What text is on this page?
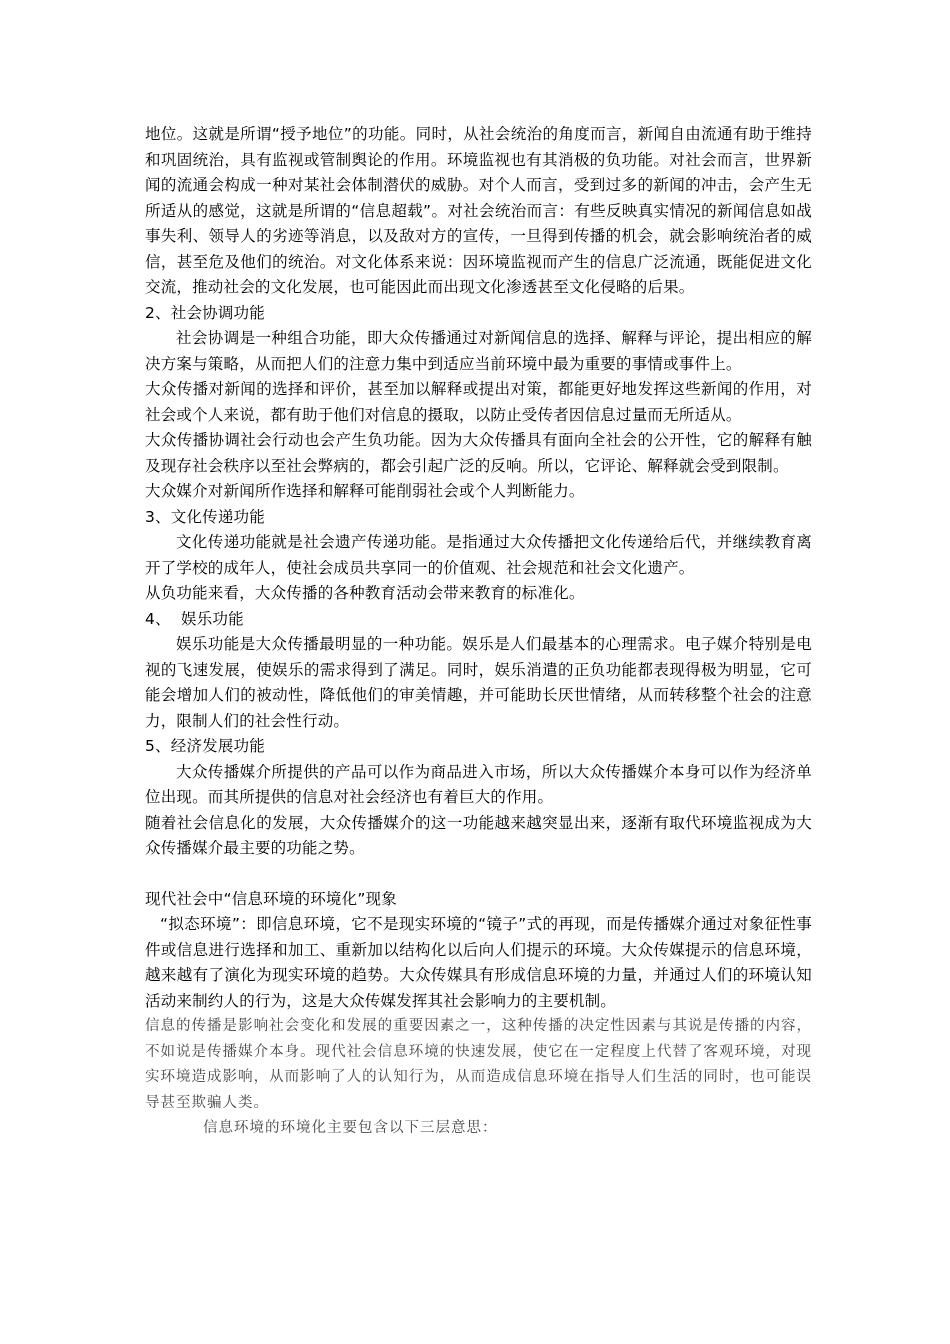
地位。这就是所谓“授予地位”的功能。同时，从社会统治的角度而言，新闻自由流通有助于维持和巩固统治，具有监视或管制舆论的作用。环境监视也有其消极的负功能。对社会而言，世界新闻的流通会构成一种对某社会体制潜伏的威胁。对个人而言，受到过多的新闻的冲击，会产生无所适从的感觉，这就是所谓的“信息超载”。对社会统治而言：有些反映真实情况的新闻信息如战事失利、领导人的劣迹等消息，以及敌对方的宣传，一旦得到传播的机会，就会影响统治者的威信，甚至危及他们的统治。对文化体系来说：因环境监视而产生的信息广泛流通，既能促进文化交流，推动社会的文化发展，也可能因此而出现文化渗透甚至文化侵略的后果。

2、社会协调功能

社会协调是一种组合功能，即大众传播通过对新闻信息的选择、解释与评论，提出相应的解决方案与策略，从而把人们的注意力集中到适应当前环境中最为重要的事情或事件上。

大众传播对新闻的选择和评价，甚至加以解释或提出对策，都能更好地发挥这些新闻的作用，对社会或个人来说，都有助于他们对信息的摄取，以防止受传者因信息过量而无所适从。

大众传播协调社会行动也会产生负功能。因为大众传播具有面向全社会的公开性，它的解释有触及现存社会秩序以至社会弊病的，都会引起广泛的反响。所以，它评论、解释就会受到限制。

大众媒介对新闻所作选择和解释可能削弱社会或个人判断能力。

3、文化传递功能

文化传递功能就是社会遗产传递功能。是指通过大众传播把文化传递给后代，并继续教育离开了学校的成年人，使社会成员共享同一的价值观、社会规范和社会文化遗产。

从负功能来看，大众传播的各种教育活动会带来教育的标准化。

4、  娱乐功能

娱乐功能是大众传播最明显的一种功能。娱乐是人们最基本的心理需求。电子媒介特别是电视的飞速发展，使娱乐的需求得到了满足。同时，娱乐消遣的正负功能都表现得极为明显，它可能会增加人们的被动性，降低他们的审美情趣，并可能助长厌世情绪，从而转移整个社会的注意力，限制人们的社会性行动。

5、经济发展功能

大众传播媒介所提供的产品可以作为商品进入市场，所以大众传播媒介本身可以作为经济单位出现。而其所提供的信息对社会经济也有着巨大的作用。

随着社会信息化的发展，大众传播媒介的这一功能越来越突显出来，逐渐有取代环境监视成为大众传播媒介最主要的功能之势。

现代社会中“信息环境的环境化”现象

“拟态环境”：即信息环境，它不是现实环境的“镜子”式的再现，而是传播媒介通过对象征性事件或信息进行选择和加工、重新加以结构化以后向人们提示的环境。大众传媒提示的信息环境，越来越有了演化为现实环境的趋势。大众传媒具有形成信息环境的力量，并通过人们的环境认知活动来制约人的行为，这是大众传媒发挥其社会影响力的主要机制。

信息的传播是影响社会变化和发展的重要因素之一，这种传播的决定性因素与其说是传播的内容，不如说是传播媒介本身。现代社会信息环境的快速发展，使它在一定程度上代替了客观环境，对现实环境造成影响，从而影响了人的认知行为，从而造成信息环境在指导人们生活的同时，也可能误导甚至欺骗人类。

信息环境的环境化主要包含以下三层意思：
